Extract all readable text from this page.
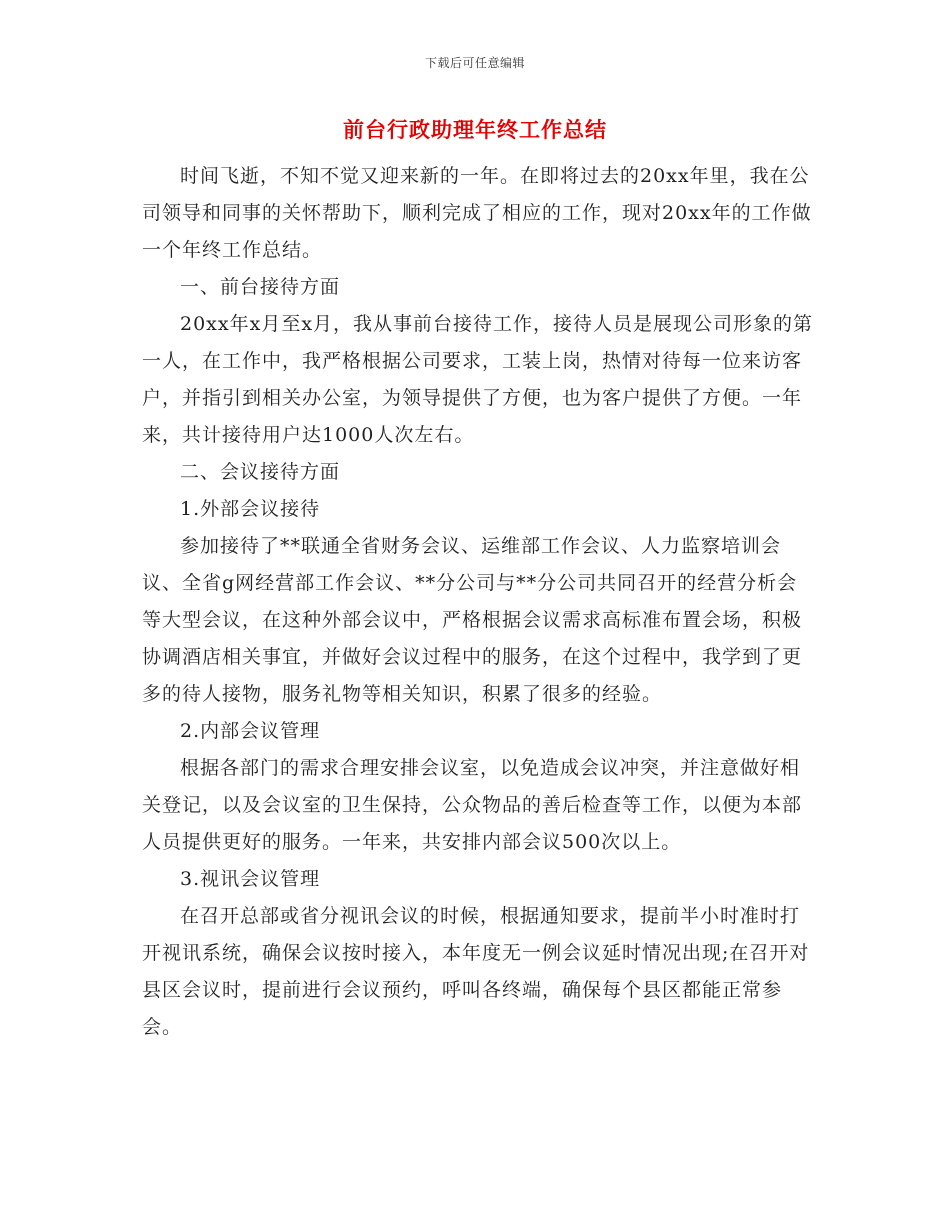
下载后可任意编辑
前台行政助理年终工作总结

时间飞逝，不知不觉又迎来新的一年。在即将过去的20xx年里，我在公司领导和同事的关怀帮助下，顺利完成了相应的工作，现对20xx年的工作做一个年终工作总结。

一、前台接待方面

20xx年x月至x月，我从事前台接待工作，接待人员是展现公司形象的第一人，在工作中，我严格根据公司要求，工装上岗，热情对待每一位来访客户，并指引到相关办公室，为领导提供了方便，也为客户提供了方便。一年来，共计接待用户达1000人次左右。

二、会议接待方面

1.外部会议接待

参加接待了**联通全省财务会议、运维部工作会议、人力监察培训会议、全省g网经营部工作会议、**分公司与**分公司共同召开的经营分析会等大型会议，在这种外部会议中，严格根据会议需求高标准布置会场，积极协调酒店相关事宜，并做好会议过程中的服务，在这个过程中，我学到了更多的待人接物，服务礼物等相关知识，积累了很多的经验。

2.内部会议管理

根据各部门的需求合理安排会议室，以免造成会议冲突，并注意做好相关登记，以及会议室的卫生保持，公众物品的善后检查等工作，以便为本部人员提供更好的服务。一年来，共安排内部会议500次以上。

3.视讯会议管理

在召开总部或省分视讯会议的时候，根据通知要求，提前半小时准时打开视讯系统，确保会议按时接入，本年度无一例会议延时情况出现;在召开对县区会议时，提前进行会议预约，呼叫各终端，确保每个县区都能正常参会。
